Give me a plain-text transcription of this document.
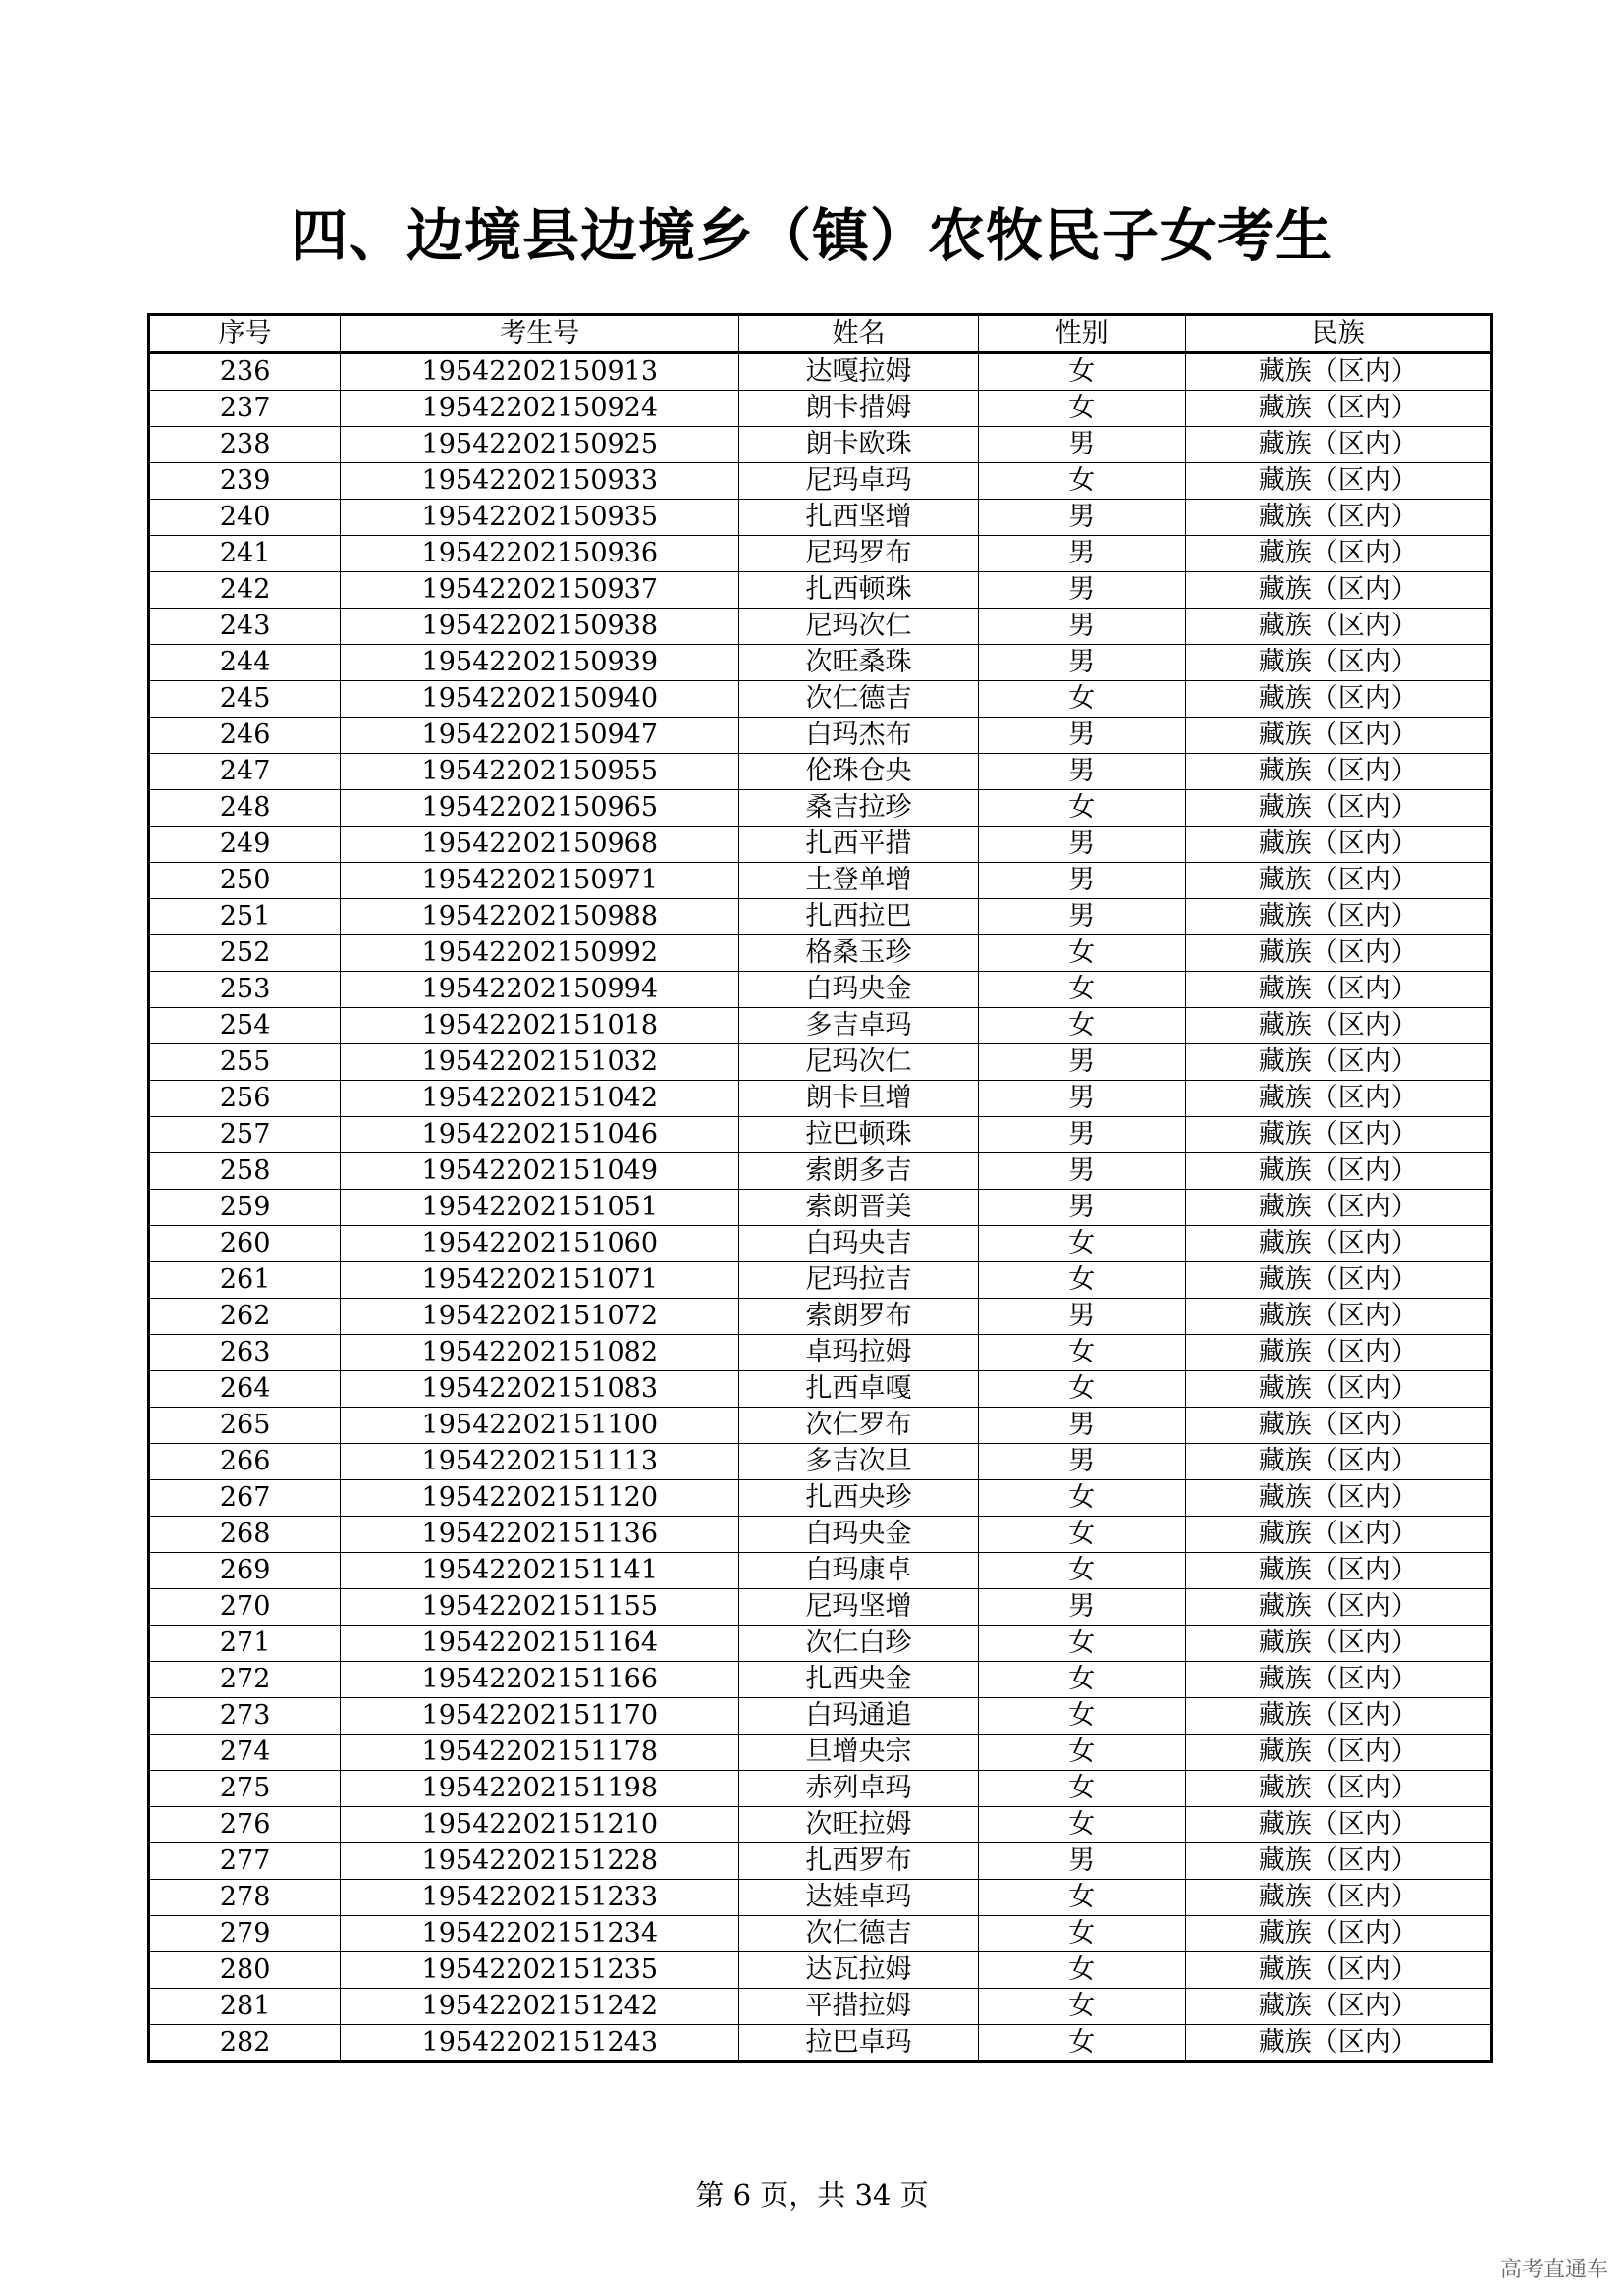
四、边境县边境乡（镇）农牧民子女考生
序号	考生号	姓名	性别	民族
236	19542202150913	达嘎拉姆	女	藏族（区内）
237	19542202150924	朗卡措姆	女	藏族（区内）
238	19542202150925	朗卡欧珠	男	藏族（区内）
239	19542202150933	尼玛卓玛	女	藏族（区内）
240	19542202150935	扎西坚增	男	藏族（区内）
241	19542202150936	尼玛罗布	男	藏族（区内）
242	19542202150937	扎西顿珠	男	藏族（区内）
243	19542202150938	尼玛次仁	男	藏族（区内）
244	19542202150939	次旺桑珠	男	藏族（区内）
245	19542202150940	次仁德吉	女	藏族（区内）
246	19542202150947	白玛杰布	男	藏族（区内）
247	19542202150955	伦珠仓央	男	藏族（区内）
248	19542202150965	桑吉拉珍	女	藏族（区内）
249	19542202150968	扎西平措	男	藏族（区内）
250	19542202150971	土登单增	男	藏族（区内）
251	19542202150988	扎西拉巴	男	藏族（区内）
252	19542202150992	格桑玉珍	女	藏族（区内）
253	19542202150994	白玛央金	女	藏族（区内）
254	19542202151018	多吉卓玛	女	藏族（区内）
255	19542202151032	尼玛次仁	男	藏族（区内）
256	19542202151042	朗卡旦增	男	藏族（区内）
257	19542202151046	拉巴顿珠	男	藏族（区内）
258	19542202151049	索朗多吉	男	藏族（区内）
259	19542202151051	索朗晋美	男	藏族（区内）
260	19542202151060	白玛央吉	女	藏族（区内）
261	19542202151071	尼玛拉吉	女	藏族（区内）
262	19542202151072	索朗罗布	男	藏族（区内）
263	19542202151082	卓玛拉姆	女	藏族（区内）
264	19542202151083	扎西卓嘎	女	藏族（区内）
265	19542202151100	次仁罗布	男	藏族（区内）
266	19542202151113	多吉次旦	男	藏族（区内）
267	19542202151120	扎西央珍	女	藏族（区内）
268	19542202151136	白玛央金	女	藏族（区内）
269	19542202151141	白玛康卓	女	藏族（区内）
270	19542202151155	尼玛坚增	男	藏族（区内）
271	19542202151164	次仁白珍	女	藏族（区内）
272	19542202151166	扎西央金	女	藏族（区内）
273	19542202151170	白玛通追	女	藏族（区内）
274	19542202151178	旦增央宗	女	藏族（区内）
275	19542202151198	赤列卓玛	女	藏族（区内）
276	19542202151210	次旺拉姆	女	藏族（区内）
277	19542202151228	扎西罗布	男	藏族（区内）
278	19542202151233	达娃卓玛	女	藏族（区内）
279	19542202151234	次仁德吉	女	藏族（区内）
280	19542202151235	达瓦拉姆	女	藏族（区内）
281	19542202151242	平措拉姆	女	藏族（区内）
282	19542202151243	拉巴卓玛	女	藏族（区内）
第 6 页，共 34 页
高考直通车
